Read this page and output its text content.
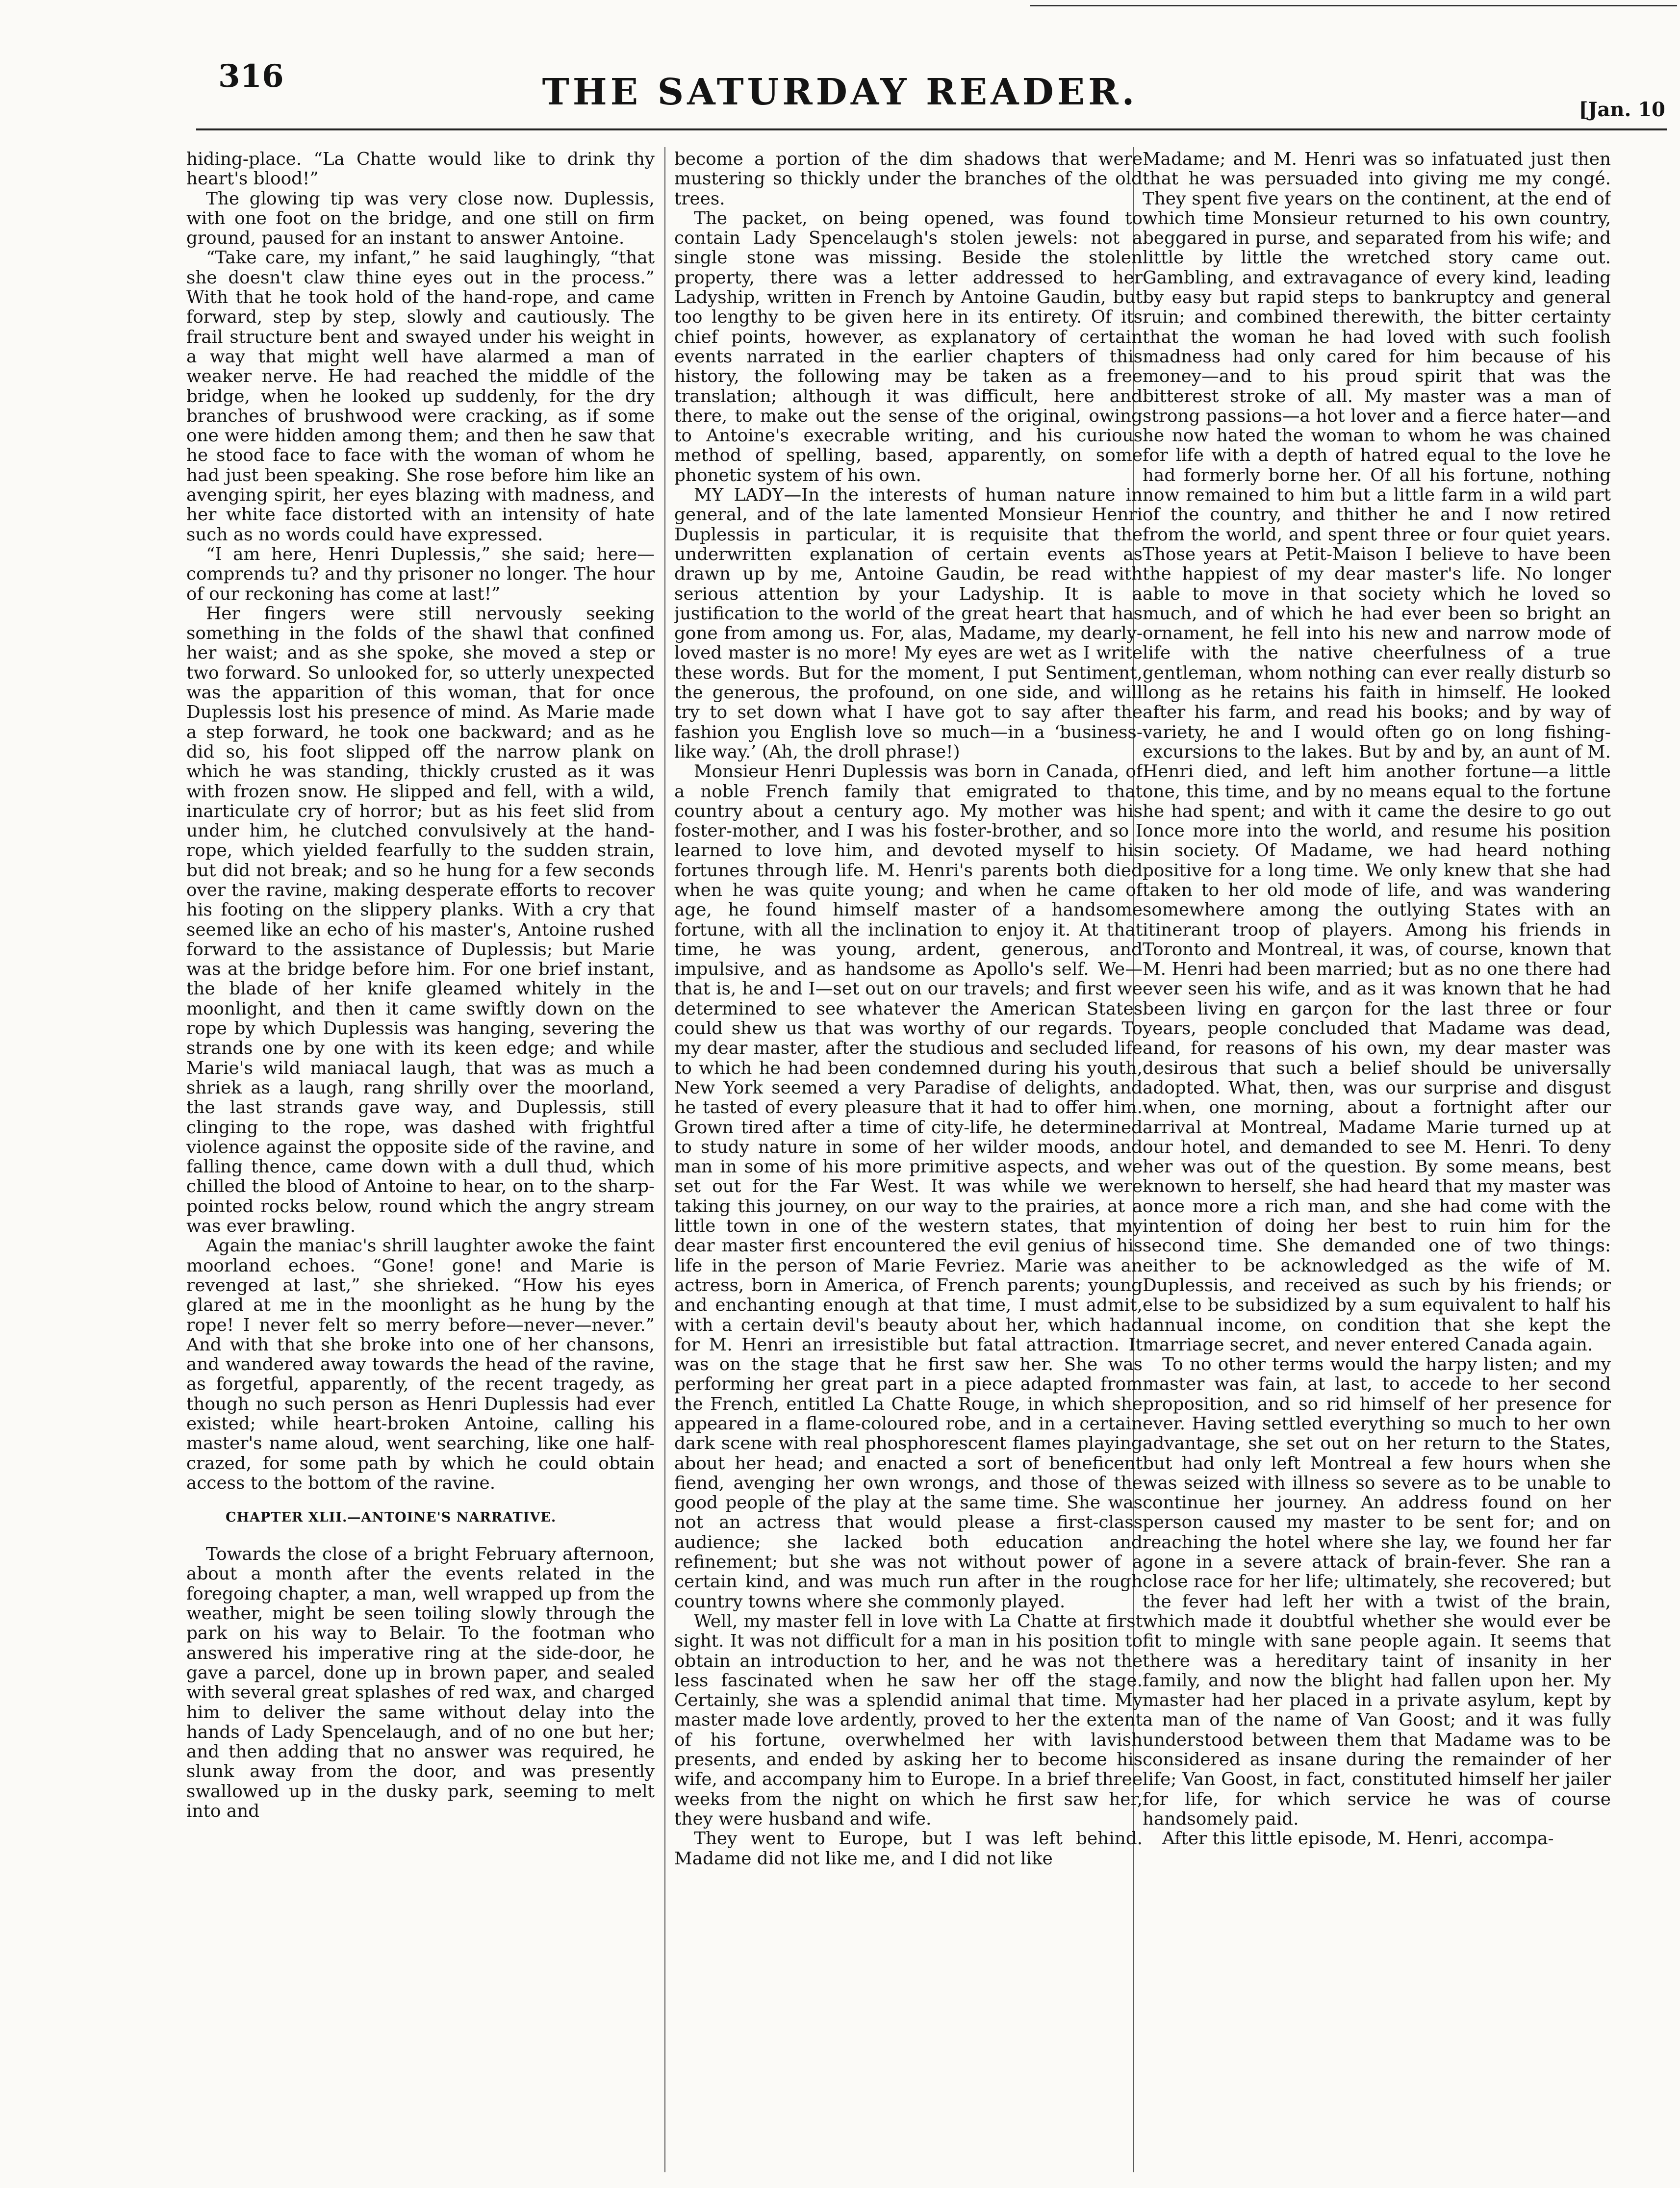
316	THE SATURDAY READER.	[Jan. 10

hiding-place. “La Chatte would like to drink thy heart's blood!”

The glowing tip was very close now. Duplessis, with one foot on the bridge, and one still on firm ground, paused for an instant to answer Antoine.

“Take care, my infant,” he said laughingly, “that she doesn't claw thine eyes out in the process.” With that he took hold of the hand-rope, and came forward, step by step, slowly and cautiously. The frail structure bent and swayed under his weight in a way that might well have alarmed a man of weaker nerve. He had reached the middle of the bridge, when he looked up suddenly, for the dry branches of brushwood were cracking, as if some one were hidden among them; and then he saw that he stood face to face with the woman of whom he had just been speaking. She rose before him like an avenging spirit, her eyes blazing with madness, and her white face distorted with an intensity of hate such as no words could have expressed.

“I am here, Henri Duplessis,” she said; here—comprends tu? and thy prisoner no longer. The hour of our reckoning has come at last!”

Her fingers were still nervously seeking something in the folds of the shawl that confined her waist; and as she spoke, she moved a step or two forward. So unlooked for, so utterly unexpected was the apparition of this woman, that for once Duplessis lost his presence of mind. As Marie made a step forward, he took one backward; and as he did so, his foot slipped off the narrow plank on which he was standing, thickly crusted as it was with frozen snow. He slipped and fell, with a wild, inarticulate cry of horror; but as his feet slid from under him, he clutched convulsively at the hand-rope, which yielded fearfully to the sudden strain, but did not break; and so he hung for a few seconds over the ravine, making desperate efforts to recover his footing on the slippery planks. With a cry that seemed like an echo of his master's, Antoine rushed forward to the assistance of Duplessis; but Marie was at the bridge before him. For one brief instant, the blade of her knife gleamed whitely in the moonlight, and then it came swiftly down on the rope by which Duplessis was hanging, severing the strands one by one with its keen edge; and while Marie's wild maniacal laugh, that was as much a shriek as a laugh, rang shrilly over the moorland, the last strands gave way, and Duplessis, still clinging to the rope, was dashed with frightful violence against the opposite side of the ravine, and falling thence, came down with a dull thud, which chilled the blood of Antoine to hear, on to the sharp-pointed rocks below, round which the angry stream was ever brawling.

Again the maniac's shrill laughter awoke the faint moorland echoes. “Gone! gone! and Marie is revenged at last,” she shrieked. “How his eyes glared at me in the moonlight as he hung by the rope! I never felt so merry before—never—never.” And with that she broke into one of her chansons, and wandered away towards the head of the ravine, as forgetful, apparently, of the recent tragedy, as though no such person as Henri Duplessis had ever existed; while heart-broken Antoine, calling his master's name aloud, went searching, like one half-crazed, for some path by which he could obtain access to the bottom of the ravine.

CHAPTER XLII.—ANTOINE'S NARRATIVE.

Towards the close of a bright February afternoon, about a month after the events related in the foregoing chapter, a man, well wrapped up from the weather, might be seen toiling slowly through the park on his way to Belair. To the footman who answered his imperative ring at the side-door, he gave a parcel, done up in brown paper, and sealed with several great splashes of red wax, and charged him to deliver the same without delay into the hands of Lady Spencelaugh, and of no one but her; and then adding that no answer was required, he slunk away from the door, and was presently swallowed up in the dusky park, seeming to melt into and

become a portion of the dim shadows that were mustering so thickly under the branches of the old trees.

The packet, on being opened, was found to contain Lady Spencelaugh's stolen jewels: not a single stone was missing. Beside the stolen property, there was a letter addressed to her Ladyship, written in French by Antoine Gaudin, but too lengthy to be given here in its entirety. Of its chief points, however, as explanatory of certain events narrated in the earlier chapters of this history, the following may be taken as a free translation; although it was difficult, here and there, to make out the sense of the original, owing to Antoine's execrable writing, and his curious method of spelling, based, apparently, on some phonetic system of his own.

MY LADY—In the interests of human nature in general, and of the late lamented Monsieur Henri Duplessis in particular, it is requisite that the underwritten explanation of certain events as drawn up by me, Antoine Gaudin, be read with serious attention by your Ladyship. It is a justification to the world of the great heart that has gone from among us. For, alas, Madame, my dearly-loved master is no more! My eyes are wet as I write these words. But for the moment, I put Sentiment, the generous, the profound, on one side, and will try to set down what I have got to say after the fashion you English love so much—in a ‘business-like way.’ (Ah, the droll phrase!)

Monsieur Henri Duplessis was born in Canada, of a noble French family that emigrated to that country about a century ago. My mother was his foster-mother, and I was his foster-brother, and so I learned to love him, and devoted myself to his fortunes through life. M. Henri's parents both died when he was quite young; and when he came of age, he found himself master of a handsome fortune, with all the inclination to enjoy it. At that time, he was young, ardent, generous, and impulsive, and as handsome as Apollo's self. We—that is, he and I—set out on our travels; and first we determined to see whatever the American States could shew us that was worthy of our regards. To my dear master, after the studious and secluded life to which he had been condemned during his youth, New York seemed a very Paradise of delights, and he tasted of every pleasure that it had to offer him. Grown tired after a time of city-life, he determined to study nature in some of her wilder moods, and man in some of his more primitive aspects, and we set out for the Far West. It was while we were taking this journey, on our way to the prairies, at a little town in one of the western states, that my dear master first encountered the evil genius of his life in the person of Marie Fevriez. Marie was an actress, born in America, of French parents; young and enchanting enough at that time, I must admit, with a certain devil's beauty about her, which had for M. Henri an irresistible but fatal attraction. It was on the stage that he first saw her. She was performing her great part in a piece adapted from the French, entitled La Chatte Rouge, in which she appeared in a flame-coloured robe, and in a certain dark scene with real phosphorescent flames playing about her head; and enacted a sort of beneficent fiend, avenging her own wrongs, and those of the good people of the play at the same time. She was not an actress that would please a first-class audience; she lacked both education and refinement; but she was not without power of a certain kind, and was much run after in the rough country towns where she commonly played.

Well, my master fell in love with La Chatte at first sight. It was not difficult for a man in his position to obtain an introduction to her, and he was not the less fascinated when he saw her off the stage. Certainly, she was a splendid animal that time. My master made love ardently, proved to her the extent of his fortune, overwhelmed her with lavish presents, and ended by asking her to become his wife, and accompany him to Europe. In a brief three weeks from the night on which he first saw her, they were husband and wife.

They went to Europe, but I was left behind. Madame did not like me, and I did not like

Madame; and M. Henri was so infatuated just then that he was persuaded into giving me my congé. They spent five years on the continent, at the end of which time Monsieur returned to his own country, beggared in purse, and separated from his wife; and little by little the wretched story came out. Gambling, and extravagance of every kind, leading by easy but rapid steps to bankruptcy and general ruin; and combined therewith, the bitter certainty that the woman he had loved with such foolish madness had only cared for him because of his money—and to his proud spirit that was the bitterest stroke of all. My master was a man of strong passions—a hot lover and a fierce hater—and he now hated the woman to whom he was chained for life with a depth of hatred equal to the love he had formerly borne her. Of all his fortune, nothing now remained to him but a little farm in a wild part of the country, and thither he and I now retired from the world, and spent three or four quiet years. Those years at Petit-Maison I believe to have been the happiest of my dear master's life. No longer able to move in that society which he loved so much, and of which he had ever been so bright an ornament, he fell into his new and narrow mode of life with the native cheerfulness of a true gentleman, whom nothing can ever really disturb so long as he retains his faith in himself. He looked after his farm, and read his books; and by way of variety, he and I would often go on long fishing-excursions to the lakes. But by and by, an aunt of M. Henri died, and left him another fortune—a little one, this time, and by no means equal to the fortune he had spent; and with it came the desire to go out once more into the world, and resume his position in society. Of Madame, we had heard nothing positive for a long time. We only knew that she had taken to her old mode of life, and was wandering somewhere among the outlying States with an itinerant troop of players. Among his friends in Toronto and Montreal, it was, of course, known that M. Henri had been married; but as no one there had ever seen his wife, and as it was known that he had been living en garçon for the last three or four years, people concluded that Madame was dead, and, for reasons of his own, my dear master was desirous that such a belief should be universally adopted. What, then, was our surprise and disgust when, one morning, about a fortnight after our arrival at Montreal, Madame Marie turned up at our hotel, and demanded to see M. Henri. To deny her was out of the question. By some means, best known to herself, she had heard that my master was once more a rich man, and she had come with the intention of doing her best to ruin him for the second time. She demanded one of two things: either to be acknowledged as the wife of M. Duplessis, and received as such by his friends; or else to be subsidized by a sum equivalent to half his annual income, on condition that she kept the marriage secret, and never entered Canada again.

To no other terms would the harpy listen; and my master was fain, at last, to accede to her second proposition, and so rid himself of her presence for ever. Having settled everything so much to her own advantage, she set out on her return to the States, but had only left Montreal a few hours when she was seized with illness so severe as to be unable to continue her journey. An address found on her person caused my master to be sent for; and on reaching the hotel where she lay, we found her far gone in a severe attack of brain-fever. She ran a close race for her life; ultimately, she recovered; but the fever had left her with a twist of the brain, which made it doubtful whether she would ever be fit to mingle with sane people again. It seems that there was a hereditary taint of insanity in her family, and now the blight had fallen upon her. My master had her placed in a private asylum, kept by a man of the name of Van Goost; and it was fully understood between them that Madame was to be considered as insane during the remainder of her life; Van Goost, in fact, constituted himself her jailer for life, for which service he was of course handsomely paid.

After this little episode, M. Henri, accompa-
